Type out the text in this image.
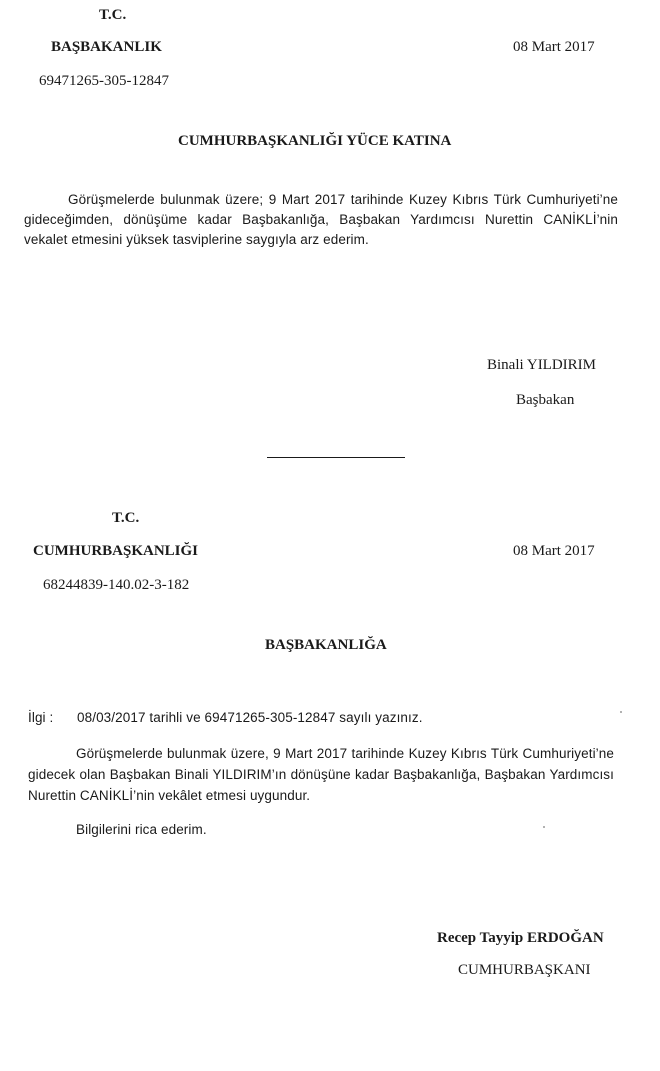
T.C.
BAŞBAKANLIK	08 Mart 2017
69471265-305-12847
CUMHURBAŞKANLIĞI YÜCE KATINA

Görüşmelerde bulunmak üzere; 9 Mart 2017 tarihinde Kuzey Kıbrıs Türk Cumhuriyeti’ne gideceğimden, dönüşüme kadar Başbakanlığa, Başbakan Yardımcısı Nurettin CANİKLİ’nin vekalet etmesini yüksek tasviplerine saygıyla arz ederim.

Binali YILDIRIM
Başbakan
T.C.
CUMHURBAŞKANLIĞI	08 Mart 2017
68244839-140.02-3-182
BAŞBAKANLIĞA
İlgi : 08/03/2017 tarihli ve 69471265-305-12847 sayılı yazınız.

Görüşmelerde bulunmak üzere, 9 Mart 2017 tarihinde Kuzey Kıbrıs Türk Cumhuriyeti’ne gidecek olan Başbakan Binali YILDIRIM’ın dönüşüne kadar Başbakanlığa, Başbakan Yardımcısı Nurettin CANİKLİ’nin vekâlet etmesi uygundur.

Bilgilerini rica ederim.
Recep Tayyip ERDOĞAN
CUMHURBAŞKANI
